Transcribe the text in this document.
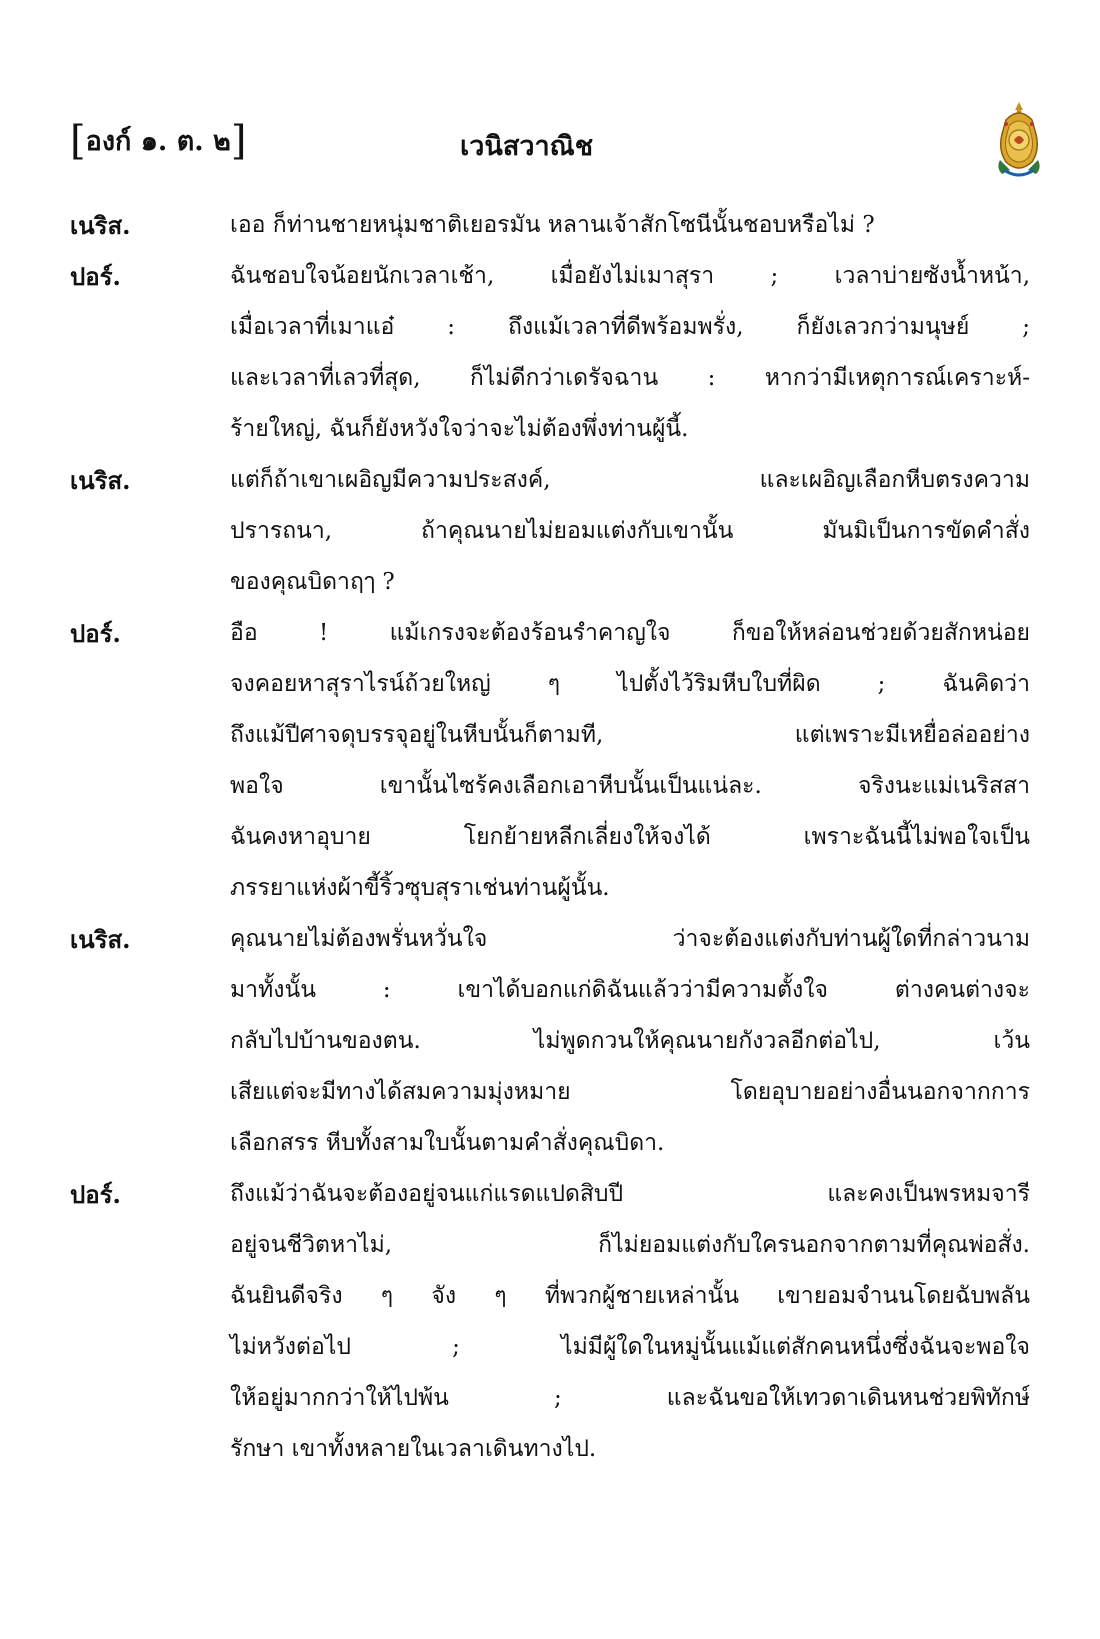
[องก์ ๑. ต. ๒]	เวนิสวาณิช
เนริส.	เออ ก็ท่านชายหนุ่มชาติเยอรมัน หลานเจ้าสักโซนีนั้นชอบหรือไม่ ?
ปอร์.	ฉันชอบใจน้อยนักเวลาเช้า, เมื่อยังไม่เมาสุรา ; เวลาบ่ายซังน้ำหน้า,
เมื่อเวลาที่เมาแอ๋ : ถึงแม้เวลาที่ดีพร้อมพรั่ง, ก็ยังเลวกว่ามนุษย์ ;
และเวลาที่เลวที่สุด, ก็ไม่ดีกว่าเดรัจฉาน : หากว่ามีเหตุการณ์เคราะห์-
ร้ายใหญ่, ฉันก็ยังหวังใจว่าจะไม่ต้องพึ่งท่านผู้นี้.
เนริส.	แต่ก็ถ้าเขาเผอิญมีความประสงค์, และเผอิญเลือกหีบตรงความ
ปรารถนา, ถ้าคุณนายไม่ยอมแต่งกับเขานั้น มันมิเป็นการขัดคำสั่ง
ของคุณบิดาฤๅ ?
ปอร์.	อือ ! แม้เกรงจะต้องร้อนรำคาญใจ ก็ขอให้หล่อนช่วยด้วยสักหน่อย
จงคอยหาสุราไรน์ถ้วยใหญ่ ๆ ไปตั้งไว้ริมหีบใบที่ผิด ; ฉันคิดว่า
ถึงแม้ปีศาจดุบรรจุอยู่ในหีบนั้นก็ตามที, แต่เพราะมีเหยื่อล่ออย่าง
พอใจ เขานั้นไซร้คงเลือกเอาหีบนั้นเป็นแน่ละ. จริงนะแม่เนริสสา
ฉันคงหาอุบาย โยกย้ายหลีกเลี่ยงให้จงได้ เพราะฉันนี้ไม่พอใจเป็น
ภรรยาแห่งผ้าขี้ริ้วซุบสุราเช่นท่านผู้นั้น.
เนริส.	คุณนายไม่ต้องพรั่นหวั่นใจ ว่าจะต้องแต่งกับท่านผู้ใดที่กล่าวนาม
มาทั้งนั้น : เขาได้บอกแก่ดิฉันแล้วว่ามีความตั้งใจ ต่างคนต่างจะ
กลับไปบ้านของตน. ไม่พูดกวนให้คุณนายกังวลอีกต่อไป, เว้น
เสียแต่จะมีทางได้สมความมุ่งหมาย โดยอุบายอย่างอื่นนอกจากการ
เลือกสรร หีบทั้งสามใบนั้นตามคำสั่งคุณบิดา.
ปอร์.	ถึงแม้ว่าฉันจะต้องอยู่จนแก่แรดแปดสิบปี และคงเป็นพรหมจารี
อยู่จนชีวิตหาไม่, ก็ไม่ยอมแต่งกับใครนอกจากตามที่คุณพ่อสั่ง.
ฉันยินดีจริง ๆ จัง ๆ ที่พวกผู้ชายเหล่านั้น เขายอมจำนนโดยฉับพลัน
ไม่หวังต่อไป ; ไม่มีผู้ใดในหมู่นั้นแม้แต่สักคนหนึ่งซึ่งฉันจะพอใจ
ให้อยู่มากกว่าให้ไปพ้น ; และฉันขอให้เทวดาเดินหนช่วยพิทักษ์
รักษา เขาทั้งหลายในเวลาเดินทางไป.
